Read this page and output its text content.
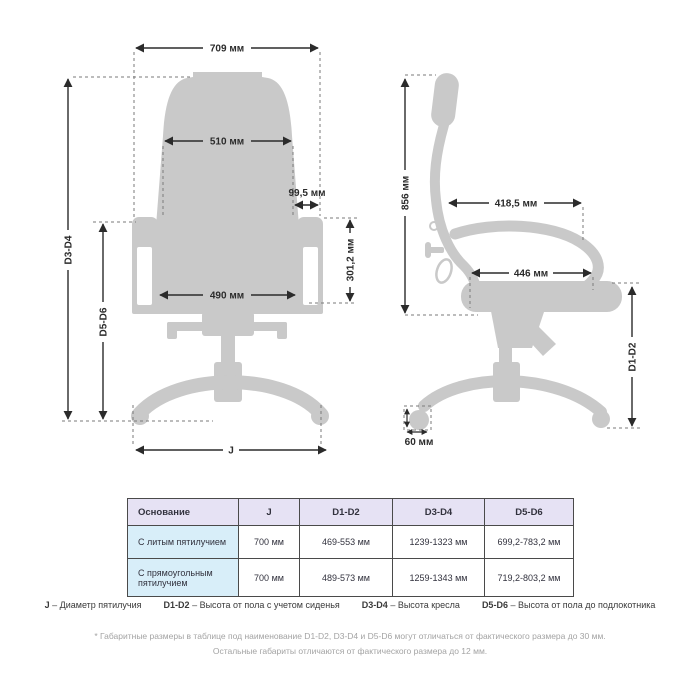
709 мм
510 мм
99,5 мм
490 мм
301,2 мм
D3-D4
D5-D6
J
856 мм	418,5 мм
446 мм
D1-D2
60 мм
Основание	J	D1-D2	D3-D4	D5-D6
С литым пятилучием	700 мм	469-553 мм	1239-1323 мм	699,2-783,2 мм
С прямоугольным пятилучием	700 мм	489-573 мм	1259-1343 мм	719,2-803,2 мм
J – Диаметр пятилучия D1-D2 – Высота от пола с учетом сиденья D3-D4 – Высота кресла D5-D6 – Высота от пола до подлокотника
* Габаритные размеры в таблице под наименование D1-D2, D3-D4 и D5-D6 могут отличаться от фактического размера до 30 мм.
Остальные габариты отличаются от фактического размера до 12 мм.
